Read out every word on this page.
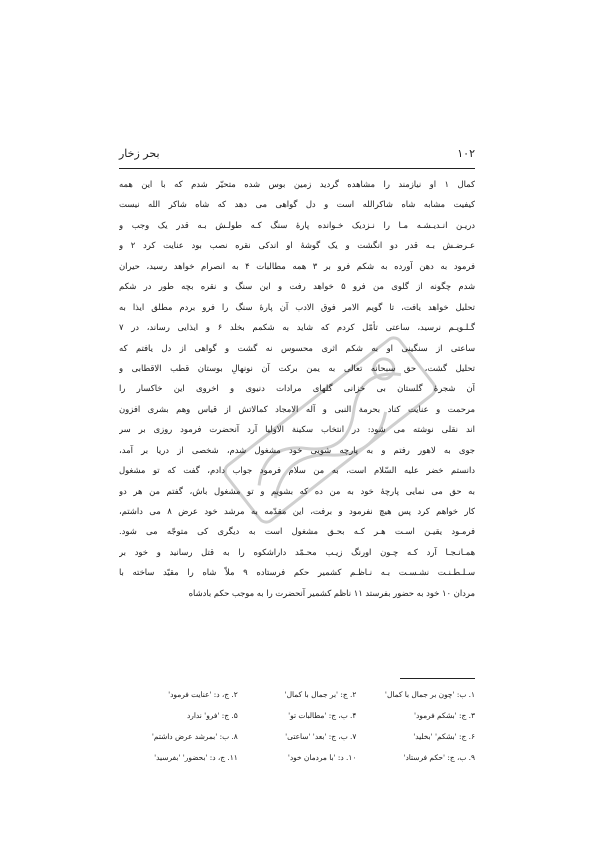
۱۰۲
بحر زخار
کمال ۱ او نیازمند را مشاهده گردید زمین بوس شده متحیّر شدم که با این همه
کیفیت مشابه شاه شاکرالله است و دل گواهی می دهد که شاه شاکر الله نیست
دریـن انـدیـشـه مـا را نـزدیک خـوانده پارهٔ سنگ کـه طولـش بـه قدر یک وجب و
عـرضـش بـه قدر دو انگشت و یک گوشهٔ او اندکی نقره نصب بود عنایت کرد ۲ و
فرمود به دهن آورده به شکم فرو بر ۳ همه مطالبات ۴ به انصرام خواهد رسید، حیران
شدم چگونه از گلوی من فرو ۵ خواهد رفت و این سنگ و نقره بچه طور در شکم
تحلیل خواهد یافت، تا گویم الامر فوق الادب آن پارهٔ سنگ را فرو بردم مطلق ایذا به
گـلـویـم نرسید، ساعتی تأمّل کردم که شاید به شکمم بخلد ۶ و ایذایی رساند، در ۷
ساعتی از سنگینی او به شکم اثری محسوس نه گشت و گواهی از دل یافتم که
تحلیل گشت، حق سبحانه تعالی به یمن برکت آن نونهالِ بوستان قطب الاقطابی و
آن شجرهٔ گلستان بی خزانی گلهای مرادات دنیوی و اخروی این خاکسار را
مرحمت و عنایت کناد بحرمة النبی و آله الامجاد کمالاتش از قیاس وهم بشری افزون
اند نقلی نوشته می شود: در انتخاب سکینة الاولیا آرد آنحضرت فرمود روزی بر سر
جوی به لاهور رفتم و به پارچه شویی خود مشغول شدم، شخصی از دریا بر آمد،
دانستم خضر علیه السّلام است، به من سلام فرمود جواب دادم، گفت که تو مشغول
به حق می نمایی پارچهٔ خود به من ده که بشویم و تو مشغول باش، گفتم من هر دو
کار خواهم کرد پس هیچ نفرمود و برفت، این مقدّمه به مرشد خود عرض ۸ می داشتم،
فرمـود یقیـن اسـت هـر کـه بحـق مشغول است به دیگری کی متوجّه می شود.
همـانـجـا آرد کـه چـون اورنگ زیـب محـمّد داراشکوه را به قتل رسانید و خود بر
سـلـطـنـت نشـسـت بـه نـاظـم کشمیر حکم فرستاده ۹ ملاّ شاه را مقیّد ساخته با
مردان ۱۰ خود به حضور بفرستد ۱۱ ناظم کشمیر آنحضرت را به موجب حکم بادشاه
۱. ب: 'چون بر جمال با کمال'
۲. ج: 'بر جمال با کمال'
۲. ج، د: 'عنایت فرمود'
۳. ج: 'بشکم فرمود'
۴. ب، ج: 'مطالبات تو'
۵. ج: 'فرو' ندارد
۶. ج: 'بشکم' 'بخلید'
۷. ب، ج: 'بعد' 'ساعتی'
۸. ب: 'بمرشد عرض داشتم'
۹. ب، ج: 'حکم فرستاد'
۱۰. د: 'با مردمان خود'
۱۱. ج، د: 'بحضور' 'بفرسید'
